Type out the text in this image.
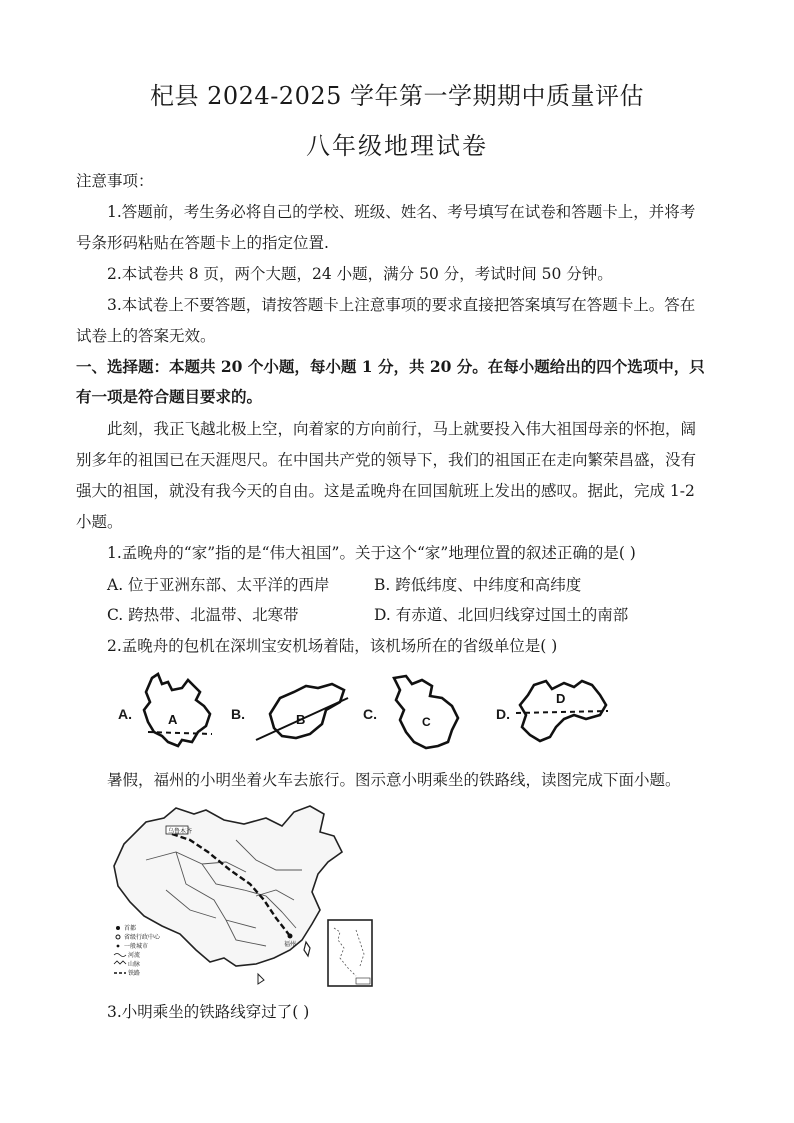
杞县 2024-2025 学年第一学期期中质量评估
八年级地理试卷
注意事项：
1.答题前，考生务必将自己的学校、班级、姓名、考号填写在试卷和答题卡上，并将考
号条形码粘贴在答题卡上的指定位置.
2.本试卷共 8 页，两个大题，24 小题，满分 50 分，考试时间 50 分钟。
3.本试卷上不要答题，请按答题卡上注意事项的要求直接把答案填写在答题卡上。答在
试卷上的答案无效。
一、选择题：本题共 20 个小题，每小题 1 分，共 20 分。在每小题给出的四个选项中，只
有一项是符合题目要求的。
此刻，我正飞越北极上空，向着家的方向前行，马上就要投入伟大祖国母亲的怀抱，阔
别多年的祖国已在天涯咫尺。在中国共产党的领导下，我们的祖国正在走向繁荣昌盛，没有
强大的祖国，就没有我今天的自由。这是孟晚舟在回国航班上发出的感叹。据此，完成 1-2
小题。
1.孟晚舟的“家”指的是“伟大祖国”。关于这个“家”地理位置的叙述正确的是( )
A. 位于亚洲东部、太平洋的西岸	B. 跨低纬度、中纬度和高纬度
C. 跨热带、北温带、北寒带	D. 有赤道、北回归线穿过国土的南部
2.孟晚舟的包机在深圳宝安机场着陆，该机场所在的省级单位是( )
A.	A	B.	B	C.	C	D.
D
暑假，福州的小明坐着火车去旅行。图示意小明乘坐的铁路线，读图完成下面小题。
乌鲁木齐
福州
首都
省级行政中心
一般城市
河流
山脉
铁路
3.小明乘坐的铁路线穿过了( )
